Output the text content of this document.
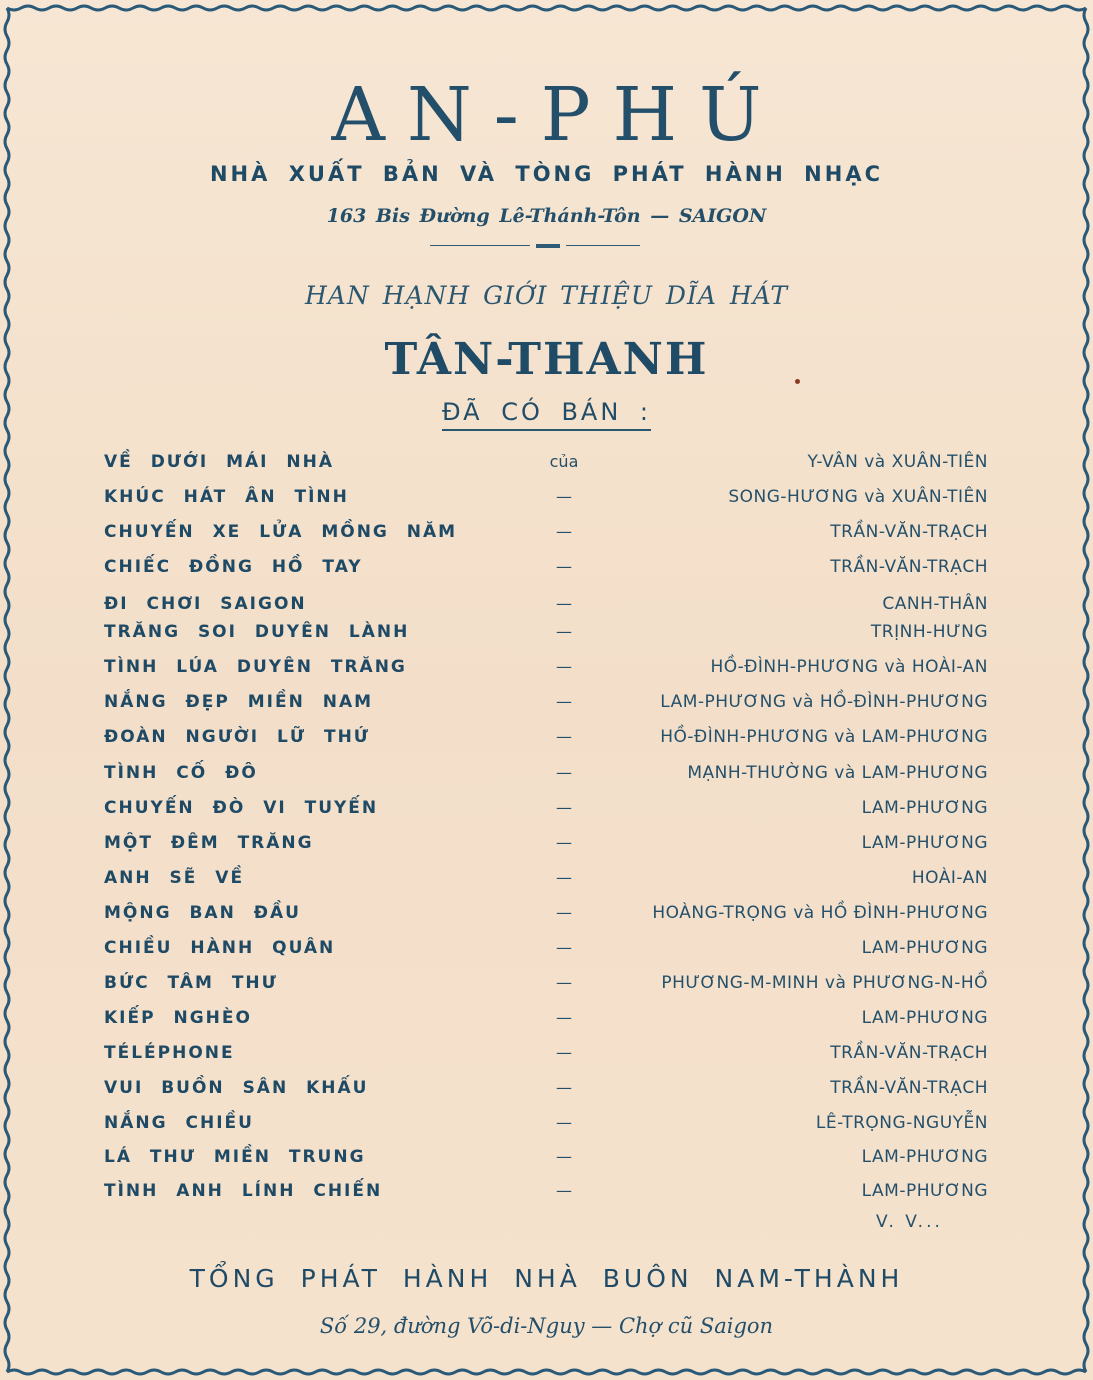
AN-PHÚ
NHÀ XUẤT BẢN VÀ TÒNG PHÁT HÀNH NHẠC
163 Bis Đường Lê-Thánh-Tôn — SAIGON
HAN HẠNH GIỚI THIỆU DĨA HÁT
TÂN-THANH
ĐÃ CÓ BÁN :
VỀ DƯỚI MÁI NHÀ	của	Y-VÂN và XUÂN-TIÊN
KHÚC HÁT ÂN TÌNH	—	SONG-HƯƠNG và XUÂN-TIÊN
CHUYẾN XE LỬA MỒNG NĂM	—	TRẦN-VĂN-TRẠCH
CHIẾC ĐỒNG HỒ TAY	—	TRẦN-VĂN-TRẠCH
ĐI CHƠI SAIGON	—	CANH-THÂN
TRĂNG SOI DUYÊN LÀNH	—	TRỊNH-HƯNG
TÌNH LÚA DUYÊN TRĂNG	—	HỒ-ĐÌNH-PHƯƠNG và HOÀI-AN
NẮNG ĐẸP MIỀN NAM	—	LAM-PHƯƠNG và HỒ-ĐÌNH-PHƯƠNG
ĐOÀN NGƯỜI LỮ THỨ	—	HỒ-ĐÌNH-PHƯƠNG và LAM-PHƯƠNG
TÌNH CỐ ĐÔ	—	MẠNH-THƯỜNG và LAM-PHƯƠNG
CHUYẾN ĐÒ VI TUYẾN	—	LAM-PHƯƠNG
MỘT ĐÊM TRĂNG	—	LAM-PHƯƠNG
ANH SẼ VỀ	—	HOÀI-AN
MỘNG BAN ĐẦU	—	HOÀNG-TRỌNG và HỒ ĐÌNH-PHƯƠNG
CHIỀU HÀNH QUÂN	—	LAM-PHƯƠNG
BỨC TÂM THƯ	—	PHƯƠNG-M-MINH và PHƯƠNG-N-HỒ
KIẾP NGHÈO	—	LAM-PHƯƠNG
TÉLÉPHONE	—	TRẦN-VĂN-TRẠCH
VUI BUỒN SÂN KHẤU	—	TRẦN-VĂN-TRẠCH
NẮNG CHIỀU	—	LÊ-TRỌNG-NGUYỄN
LÁ THƯ MIỀN TRUNG	—	LAM-PHƯƠNG
TÌNH ANH LÍNH CHIẾN	—	LAM-PHƯƠNG
V. V...
TỔNG PHÁT HÀNH NHÀ BUÔN NAM-THÀNH
Số 29, đường Võ-di-Nguy — Chợ cũ Saigon
